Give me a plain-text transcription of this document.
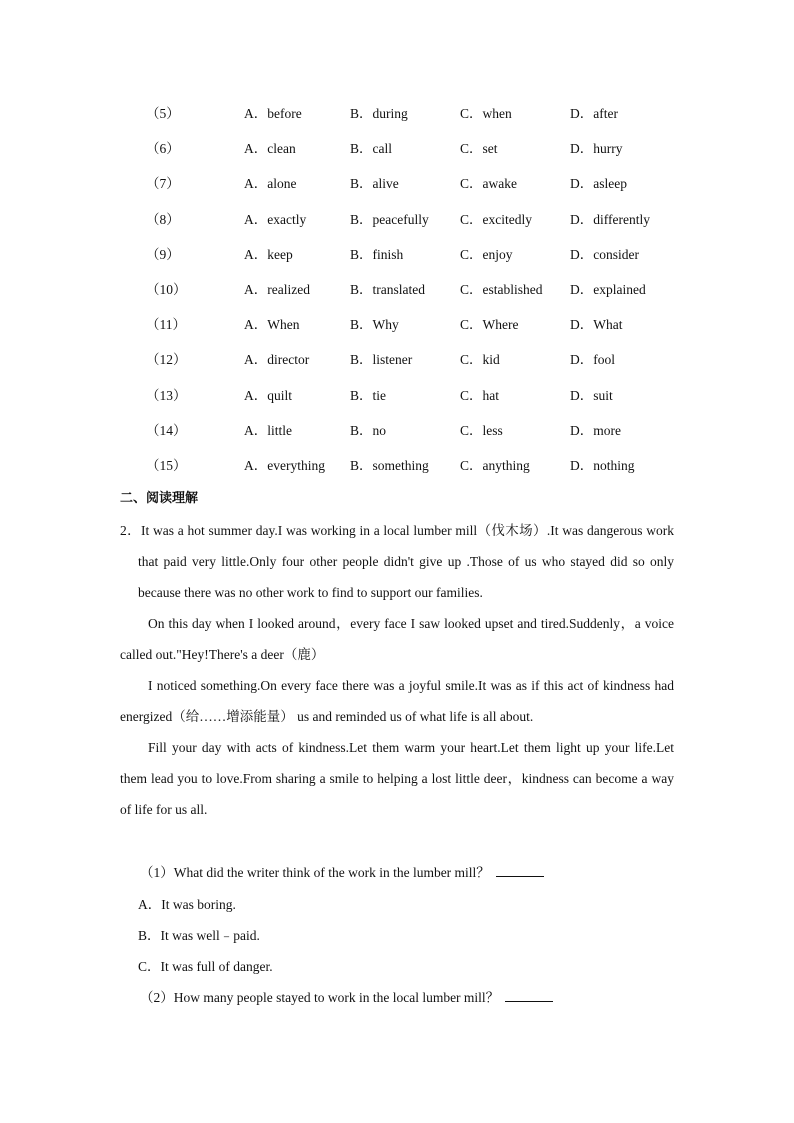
（5）	A．before	B．during	C．when	D．after
（6）	A．clean	B．call	C．set	D．hurry
（7）	A．alone	B．alive	C．awake	D．asleep
（8）	A．exactly	B．peacefully C．excitedly	D．differently
（9）	A．keep	B．finish	C．enjoy	D．consider
（10）	A．realized	B．translated	C．established D．explained
（11）	A．When	B．Why	C．Where	D．What
（12）	A．director	B．listener	C．kid	D．fool
（13）	A．quilt	B．tie	C．hat	D．suit
（14）	A．little	B．no	C．less	D．more
（15）	A．everything B．something C．anything	D．nothing
二、阅读理解

2．It was a hot summer day.I was working in a local lumber mill（伐木场）.It was dangerous work that paid very little.Only four other people didn't give up .Those of us who stayed did so only because there was no other work to find to support our families.

On this day when I looked around，every face I saw looked upset and tired.Suddenly，a voice called out."Hey!There's a deer（鹿）

I noticed something.On every face there was a joyful smile.It was as if this act of kindness had energized（给……增添能量） us and reminded us of what life is all about.

Fill your day with acts of kindness.Let them warm your heart.Let them light up your life.Let them lead you to love.From sharing a smile to helping a lost little deer，kindness can become a way of life for us all.

（1）What did the writer think of the work in the lumber mill？
A．It was boring.
B．It was well﹣paid.
C．It was full of danger.
（2）How many people stayed to work in the local lumber mill？
